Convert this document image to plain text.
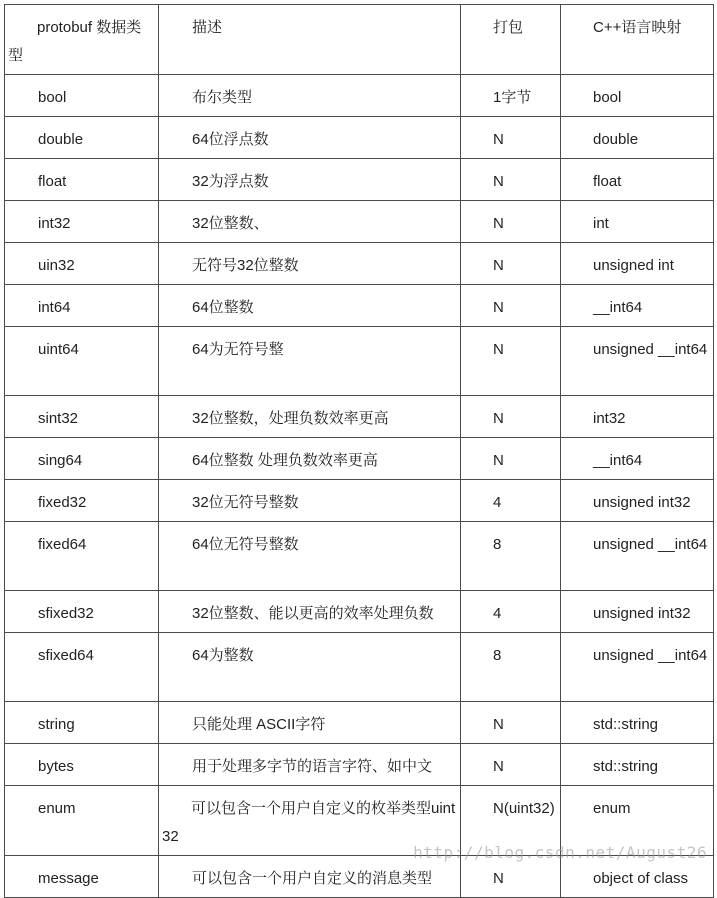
protobuf 数据类型	描述	打包	C++语言映射
bool	布尔类型	1字节	bool
double	64位浮点数	N	double
float	32为浮点数	N	float
int32	32位整数、	N	int
uin32	无符号32位整数	N	unsigned int
int64	64位整数	N	__int64
uint64	64为无符号整	N	unsigned __int64
sint32	32位整数，处理负数效率更高	N	int32
sing64	64位整数 处理负数效率更高	N	__int64
fixed32	32位无符号整数	4	unsigned int32
fixed64	64位无符号整数	8	unsigned __int64
sfixed32	32位整数、能以更高的效率处理负数	4	unsigned int32
sfixed64	64为整数	8	unsigned __int64
string	只能处理 ASCII字符	N	std::string
bytes	用于处理多字节的语言字符、如中文	N	std::string
enum	可以包含一个用户自定义的枚举类型uint32	N(uint32)	enum
message	可以包含一个用户自定义的消息类型	N	object of class
http://blog.csdn.net/August26
